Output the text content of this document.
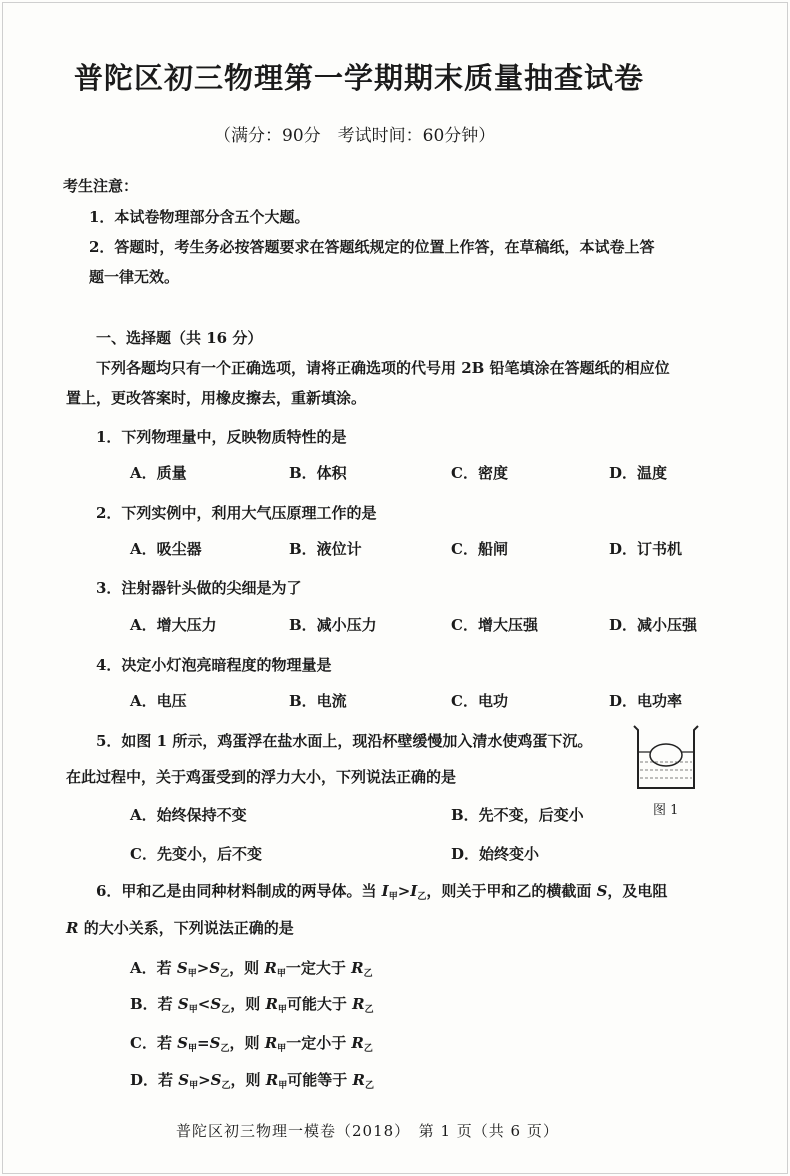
普陀区初三物理第一学期期末质量抽查试卷
（满分：90分　考试时间：60分钟）
考生注意：
1．本试卷物理部分含五个大题。
2．答题时，考生务必按答题要求在答题纸规定的位置上作答，在草稿纸，本试卷上答
题一律无效。
一、选择题（共 16 分）
下列各题均只有一个正确选项，请将正确选项的代号用 2B 铅笔填涂在答题纸的相应位
置上，更改答案时，用橡皮擦去，重新填涂。
1．下列物理量中，反映物质特性的是
A．质量	B．体积	C．密度	D．温度
2．下列实例中，利用大气压原理工作的是
A．吸尘器	B．液位计	C．船闸	D．订书机
3．注射器针头做的尖细是为了
A．增大压力	B．减小压力	C．增大压强	D．减小压强
4．决定小灯泡亮暗程度的物理量是
A．电压	B．电流	C．电功	D．电功率
5．如图 1 所示，鸡蛋浮在盐水面上，现沿杯壁缓慢加入清水使鸡蛋下沉。
在此过程中，关于鸡蛋受到的浮力大小，下列说法正确的是
A．始终保持不变	B．先不变，后变小
C．先变小，后不变	D．始终变小
图 1
6．甲和乙是由同种材料制成的两导体。当 $I_甲>I_乙$，则关于甲和乙的横截面 S，及电阻
R 的大小关系，下列说法正确的是
A．若 $S_甲>S_乙$，则 $R_甲$一定大于 $R_乙$
B．若 $S_甲<S_乙$，则 $R_甲$可能大于 $R_乙$
C．若 $S_甲=S_乙$，则 $R_甲$一定小于 $R_乙$
D．若 $S_甲>S_乙$，则 $R_甲$可能等于 $R_乙$
普陀区初三物理一模卷（2018）　第 1 页（共 6 页）
